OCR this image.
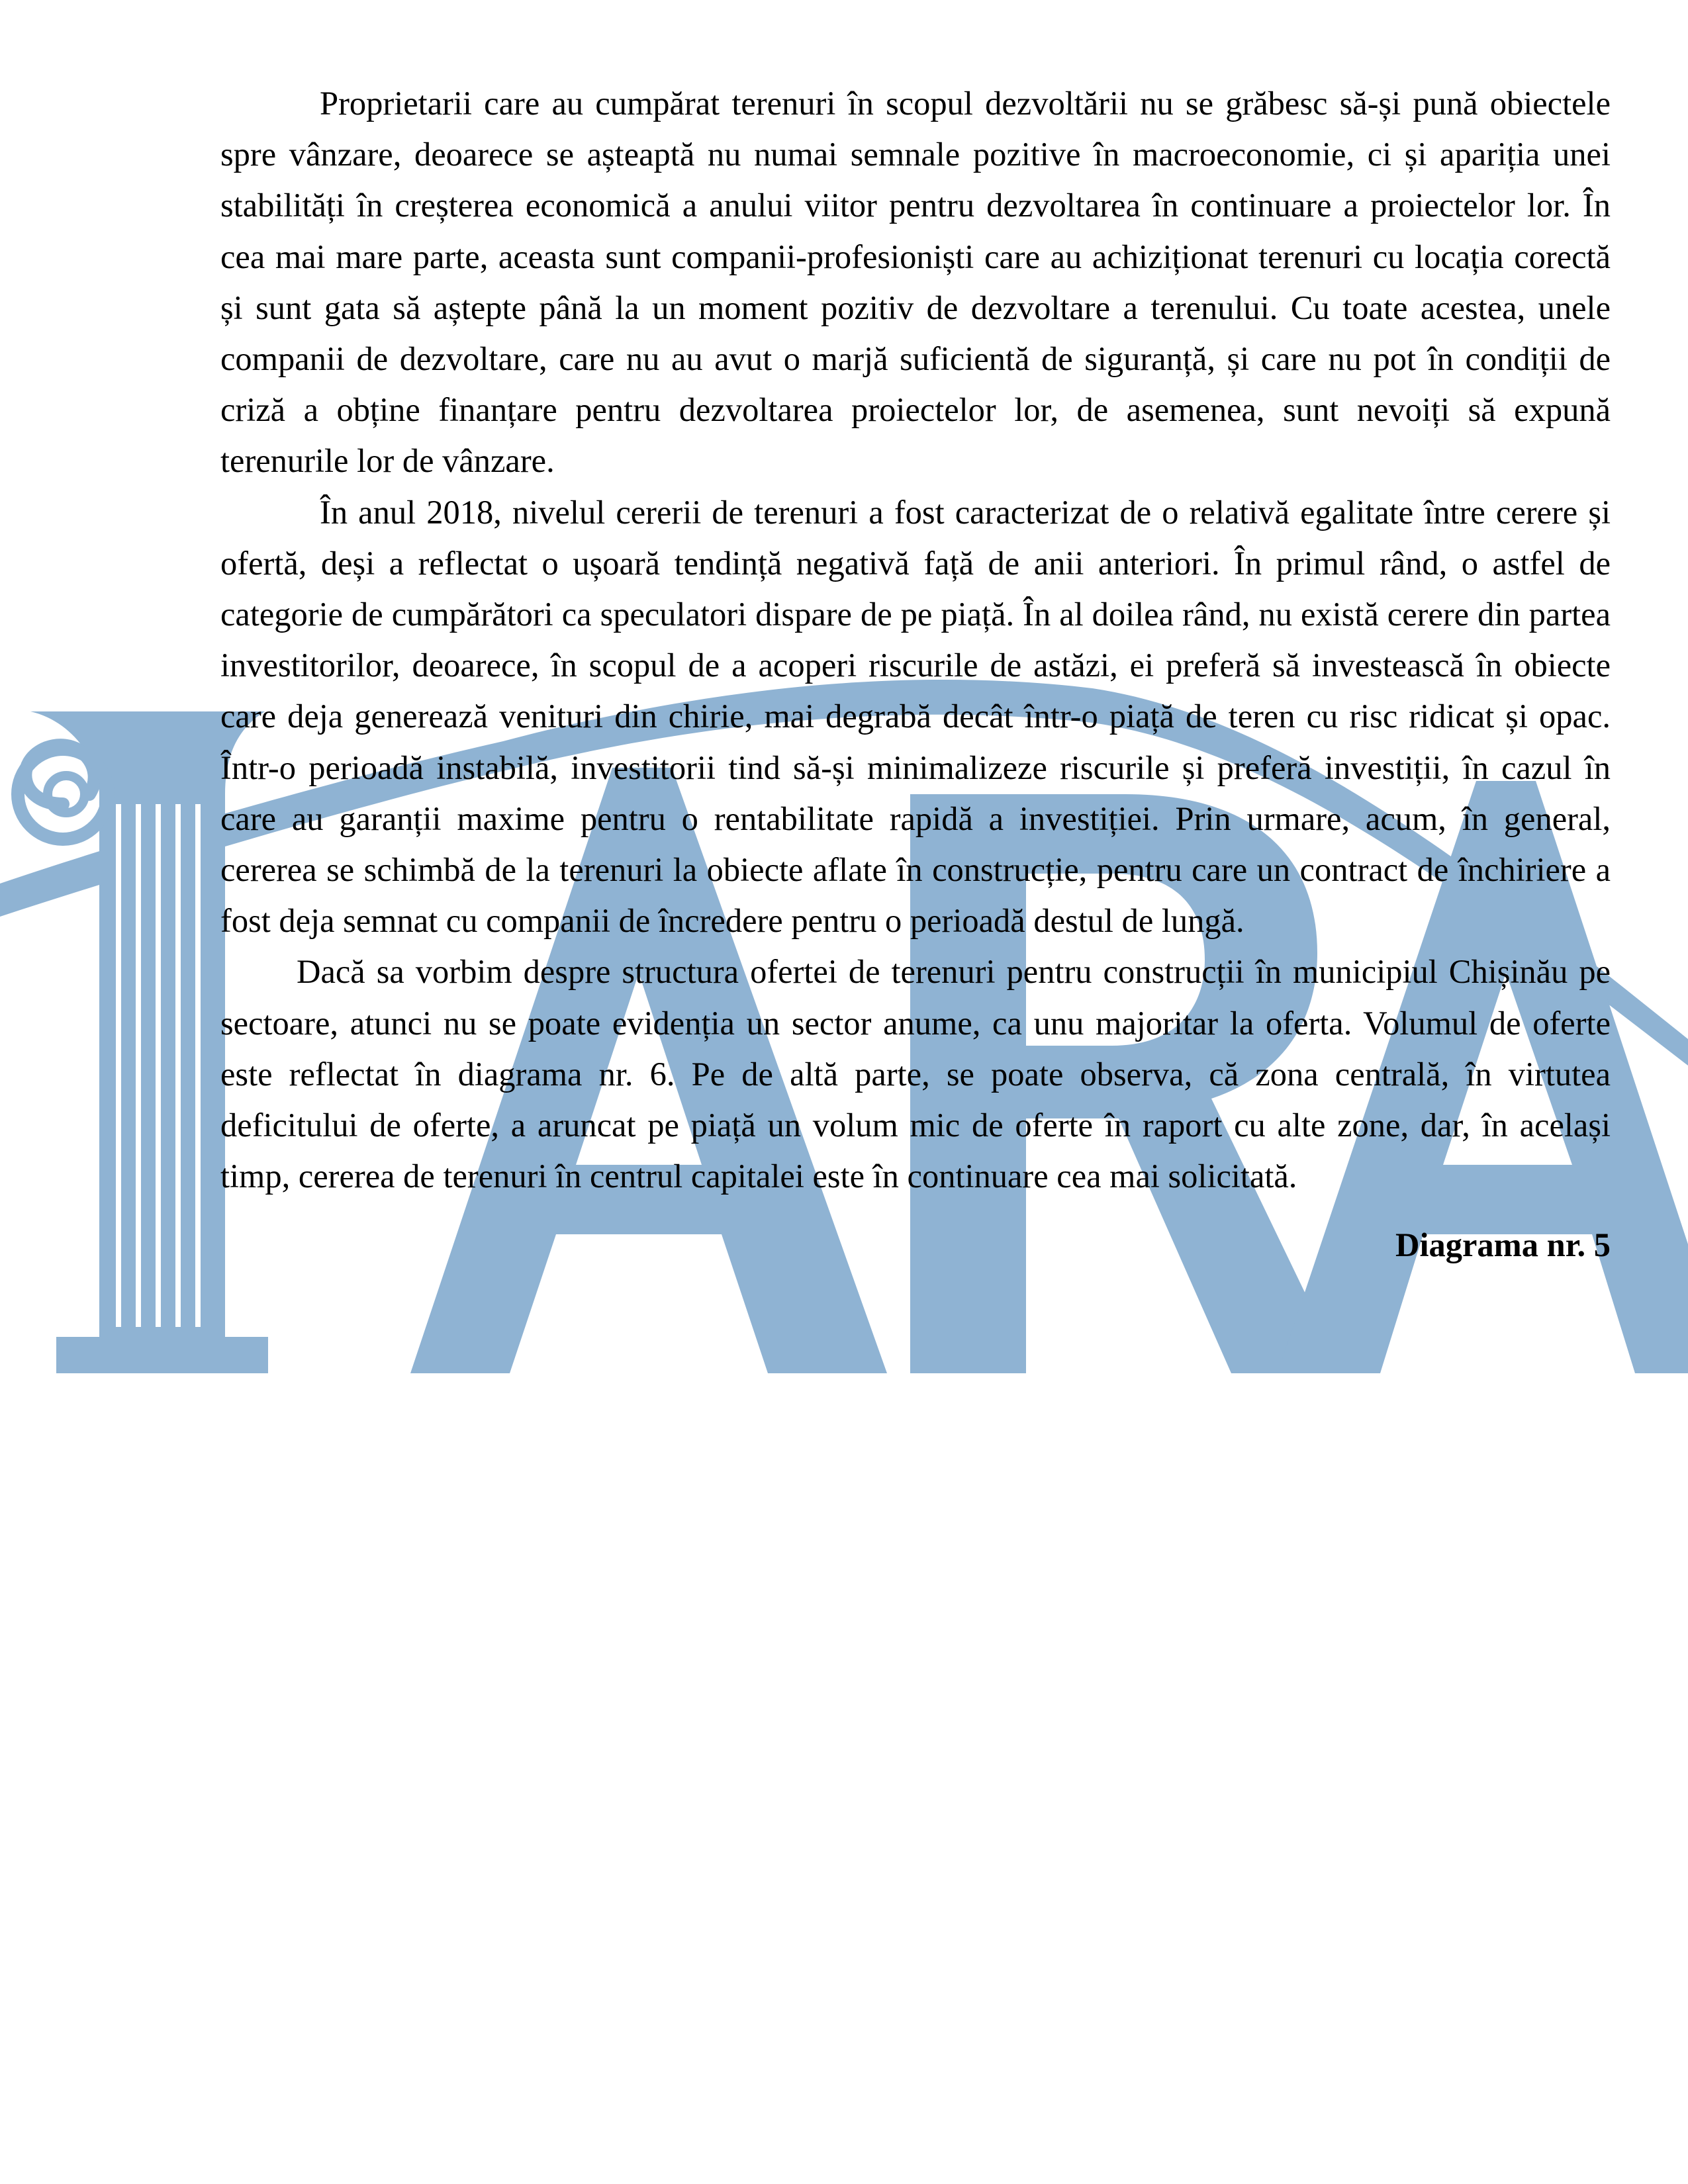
Proprietarii care au cumpărat terenuri în scopul dezvoltării nu se grăbesc să-și pună obiectele spre vânzare, deoarece se așteaptă nu numai semnale pozitive în macroeconomie, ci și apariția unei stabilități în creșterea economică a anului viitor pentru dezvoltarea în continuare a proiectelor lor. În cea mai mare parte, aceasta sunt companii-profesioniști care au achiziționat terenuri cu locația corectă și sunt gata să aștepte până la un moment pozitiv de dezvoltare a terenului. Cu toate acestea, unele companii de dezvoltare, care nu au avut o marjă suficientă de siguranță, și care nu pot în condiții de criză a obține finanțare pentru dezvoltarea proiectelor lor, de asemenea, sunt nevoiți să expună terenurile lor de vânzare.

În anul 2018, nivelul cererii de terenuri a fost caracterizat de o relativă egalitate între cerere și ofertă, deși a reflectat o ușoară tendință negativă față de anii anteriori. În primul rând, o astfel de categorie de cumpărători ca speculatori dispare de pe piață. În al doilea rând, nu există cerere din partea investitorilor, deoarece, în scopul de a acoperi riscurile de astăzi, ei preferă să investească în obiecte care deja generează venituri din chirie, mai degrabă decât într-o piață de teren cu risc ridicat și opac. Într-o perioadă instabilă, investitorii tind să-și minimalizeze riscurile și preferă investiții, în cazul în care au garanții maxime pentru o rentabilitate rapidă a investiției. Prin urmare, acum, în general, cererea se schimbă de la terenuri la obiecte aflate în construcție, pentru care un contract de închiriere a fost deja semnat cu companii de încredere pentru o perioadă destul de lungă.

Dacă sa vorbim despre structura ofertei de terenuri pentru construcții în municipiul Chișinău pe sectoare, atunci nu se poate evidenția un sector anume, ca unu majoritar la oferta. Volumul de oferte este reflectat în diagrama nr. 6. Pe de altă parte, se poate observa, că zona centrală, în virtutea deficitului de oferte, a aruncat pe piață un volum mic de oferte în raport cu alte zone, dar, în același timp, cererea de terenuri în centrul capitalei este în continuare cea mai solicitată.

Diagrama nr. 5
